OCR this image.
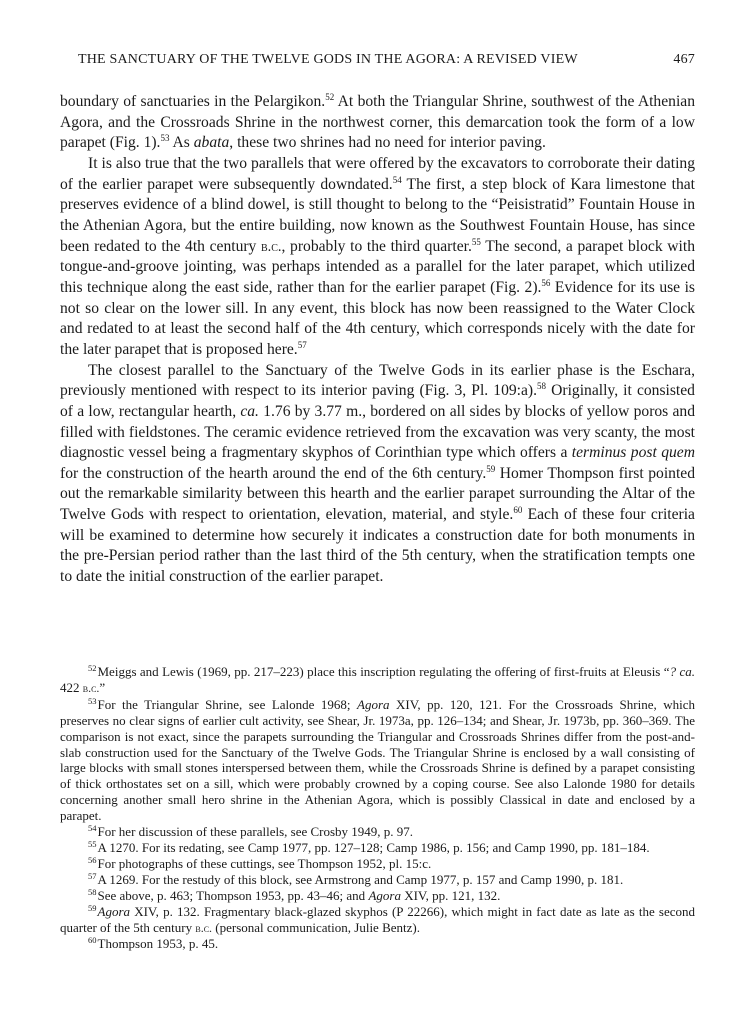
THE SANCTUARY OF THE TWELVE GODS IN THE AGORA: A REVISED VIEW	467

boundary of sanctuaries in the Pelargikon.$^{52}$ At both the Triangular Shrine, southwest of the Athenian Agora, and the Crossroads Shrine in the northwest corner, this demarcation took the form of a low parapet (Fig. 1).$^{53}$ As abata, these two shrines had no need for interior paving.

It is also true that the two parallels that were offered by the excavators to corroborate their dating of the earlier parapet were subsequently downdated.$^{54}$ The first, a step block of Kara limestone that preserves evidence of a blind dowel, is still thought to belong to the “Peisistratid” Fountain House in the Athenian Agora, but the entire building, now known as the Southwest Fountain House, has since been redated to the 4th century b.c., probably to the third quarter.$^{55}$ The second, a parapet block with tongue-and-groove jointing, was perhaps intended as a parallel for the later parapet, which utilized this technique along the east side, rather than for the earlier parapet (Fig. 2).$^{56}$ Evidence for its use is not so clear on the lower sill. In any event, this block has now been reassigned to the Water Clock and redated to at least the second half of the 4th century, which corresponds nicely with the date for the later parapet that is proposed here.$^{57}$

The closest parallel to the Sanctuary of the Twelve Gods in its earlier phase is the Eschara, previously mentioned with respect to its interior paving (Fig. 3, Pl. 109:a).$^{58}$ Originally, it consisted of a low, rectangular hearth, ca. 1.76 by 3.77 m., bordered on all sides by blocks of yellow poros and filled with fieldstones. The ceramic evidence retrieved from the excavation was very scanty, the most diagnostic vessel being a fragmentary skyphos of Corinthian type which offers a terminus post quem for the construction of the hearth around the end of the 6th century.$^{59}$ Homer Thompson first pointed out the remarkable similarity between this hearth and the earlier parapet surrounding the Altar of the Twelve Gods with respect to orientation, elevation, material, and style.$^{60}$ Each of these four criteria will be examined to determine how securely it indicates a construction date for both monuments in the pre-Persian period rather than the last third of the 5th century, when the stratification tempts one to date the initial construction of the earlier parapet.

$^{52}$Meiggs and Lewis (1969, pp. 217–223) place this inscription regulating the offering of first-fruits at Eleusis “? ca. 422 b.c.”

$^{53}$For the Triangular Shrine, see Lalonde 1968; Agora XIV, pp. 120, 121. For the Crossroads Shrine, which preserves no clear signs of earlier cult activity, see Shear, Jr. 1973a, pp. 126–134; and Shear, Jr. 1973b, pp. 360–369. The comparison is not exact, since the parapets surrounding the Triangular and Crossroads Shrines differ from the post-and-slab construction used for the Sanctuary of the Twelve Gods. The Triangular Shrine is enclosed by a wall consisting of large blocks with small stones interspersed between them, while the Crossroads Shrine is defined by a parapet consisting of thick orthostates set on a sill, which were probably crowned by a coping course. See also Lalonde 1980 for details concerning another small hero shrine in the Athenian Agora, which is possibly Classical in date and enclosed by a parapet.

$^{54}$For her discussion of these parallels, see Crosby 1949, p. 97.

$^{55}$A 1270. For its redating, see Camp 1977, pp. 127–128; Camp 1986, p. 156; and Camp 1990, pp. 181–184.

$^{56}$For photographs of these cuttings, see Thompson 1952, pl. 15:c.

$^{57}$A 1269. For the restudy of this block, see Armstrong and Camp 1977, p. 157 and Camp 1990, p. 181.

$^{58}$See above, p. 463; Thompson 1953, pp. 43–46; and Agora XIV, pp. 121, 132.

$^{59}$Agora XIV, p. 132. Fragmentary black-glazed skyphos (P 22266), which might in fact date as late as the second quarter of the 5th century b.c. (personal communication, Julie Bentz).

$^{60}$Thompson 1953, p. 45.
